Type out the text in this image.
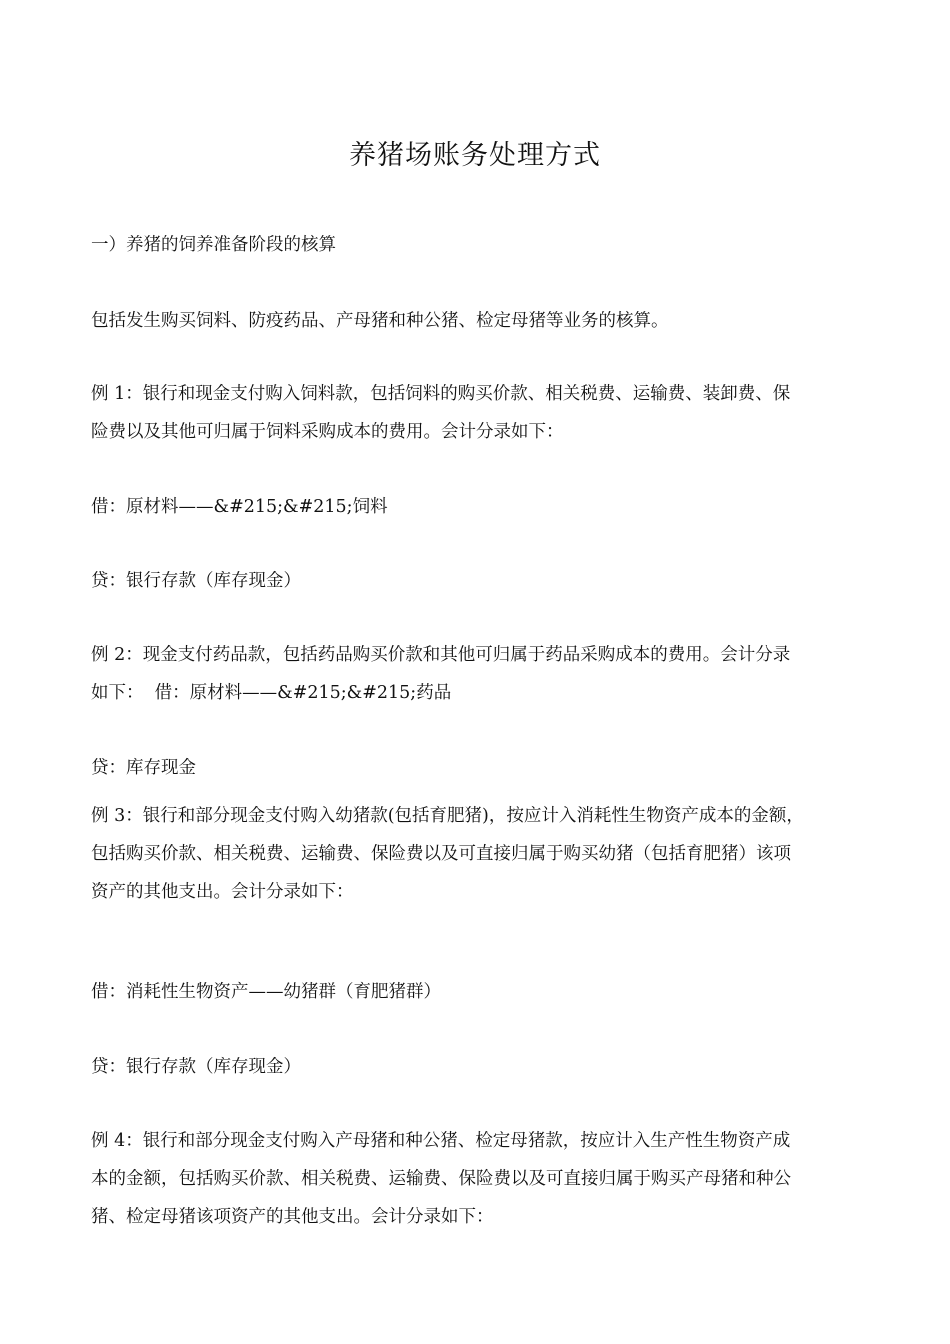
养猪场账务处理方式
一）养猪的饲养准备阶段的核算
包括发生购买饲料、防疫药品、产母猪和种公猪、检定母猪等业务的核算。
例 1：银行和现金支付购入饲料款，包括饲料的购买价款、相关税费、运输费、装卸费、保
险费以及其他可归属于饲料采购成本的费用。会计分录如下：
借：原材料——&#215;&#215;饲料
贷：银行存款（库存现金）
例 2：现金支付药品款，包括药品购买价款和其他可归属于药品采购成本的费用。会计分录
如下：  借：原材料——&#215;&#215;药品
贷：库存现金
例 3：银行和部分现金支付购入幼猪款(包括育肥猪)，按应计入消耗性生物资产成本的金额，
包括购买价款、相关税费、运输费、保险费以及可直接归属于购买幼猪（包括育肥猪）该项
资产的其他支出。会计分录如下：
借：消耗性生物资产——幼猪群（育肥猪群）
贷：银行存款（库存现金）
例 4：银行和部分现金支付购入产母猪和种公猪、检定母猪款，按应计入生产性生物资产成
本的金额，包括购买价款、相关税费、运输费、保险费以及可直接归属于购买产母猪和种公
猪、检定母猪该项资产的其他支出。会计分录如下：
